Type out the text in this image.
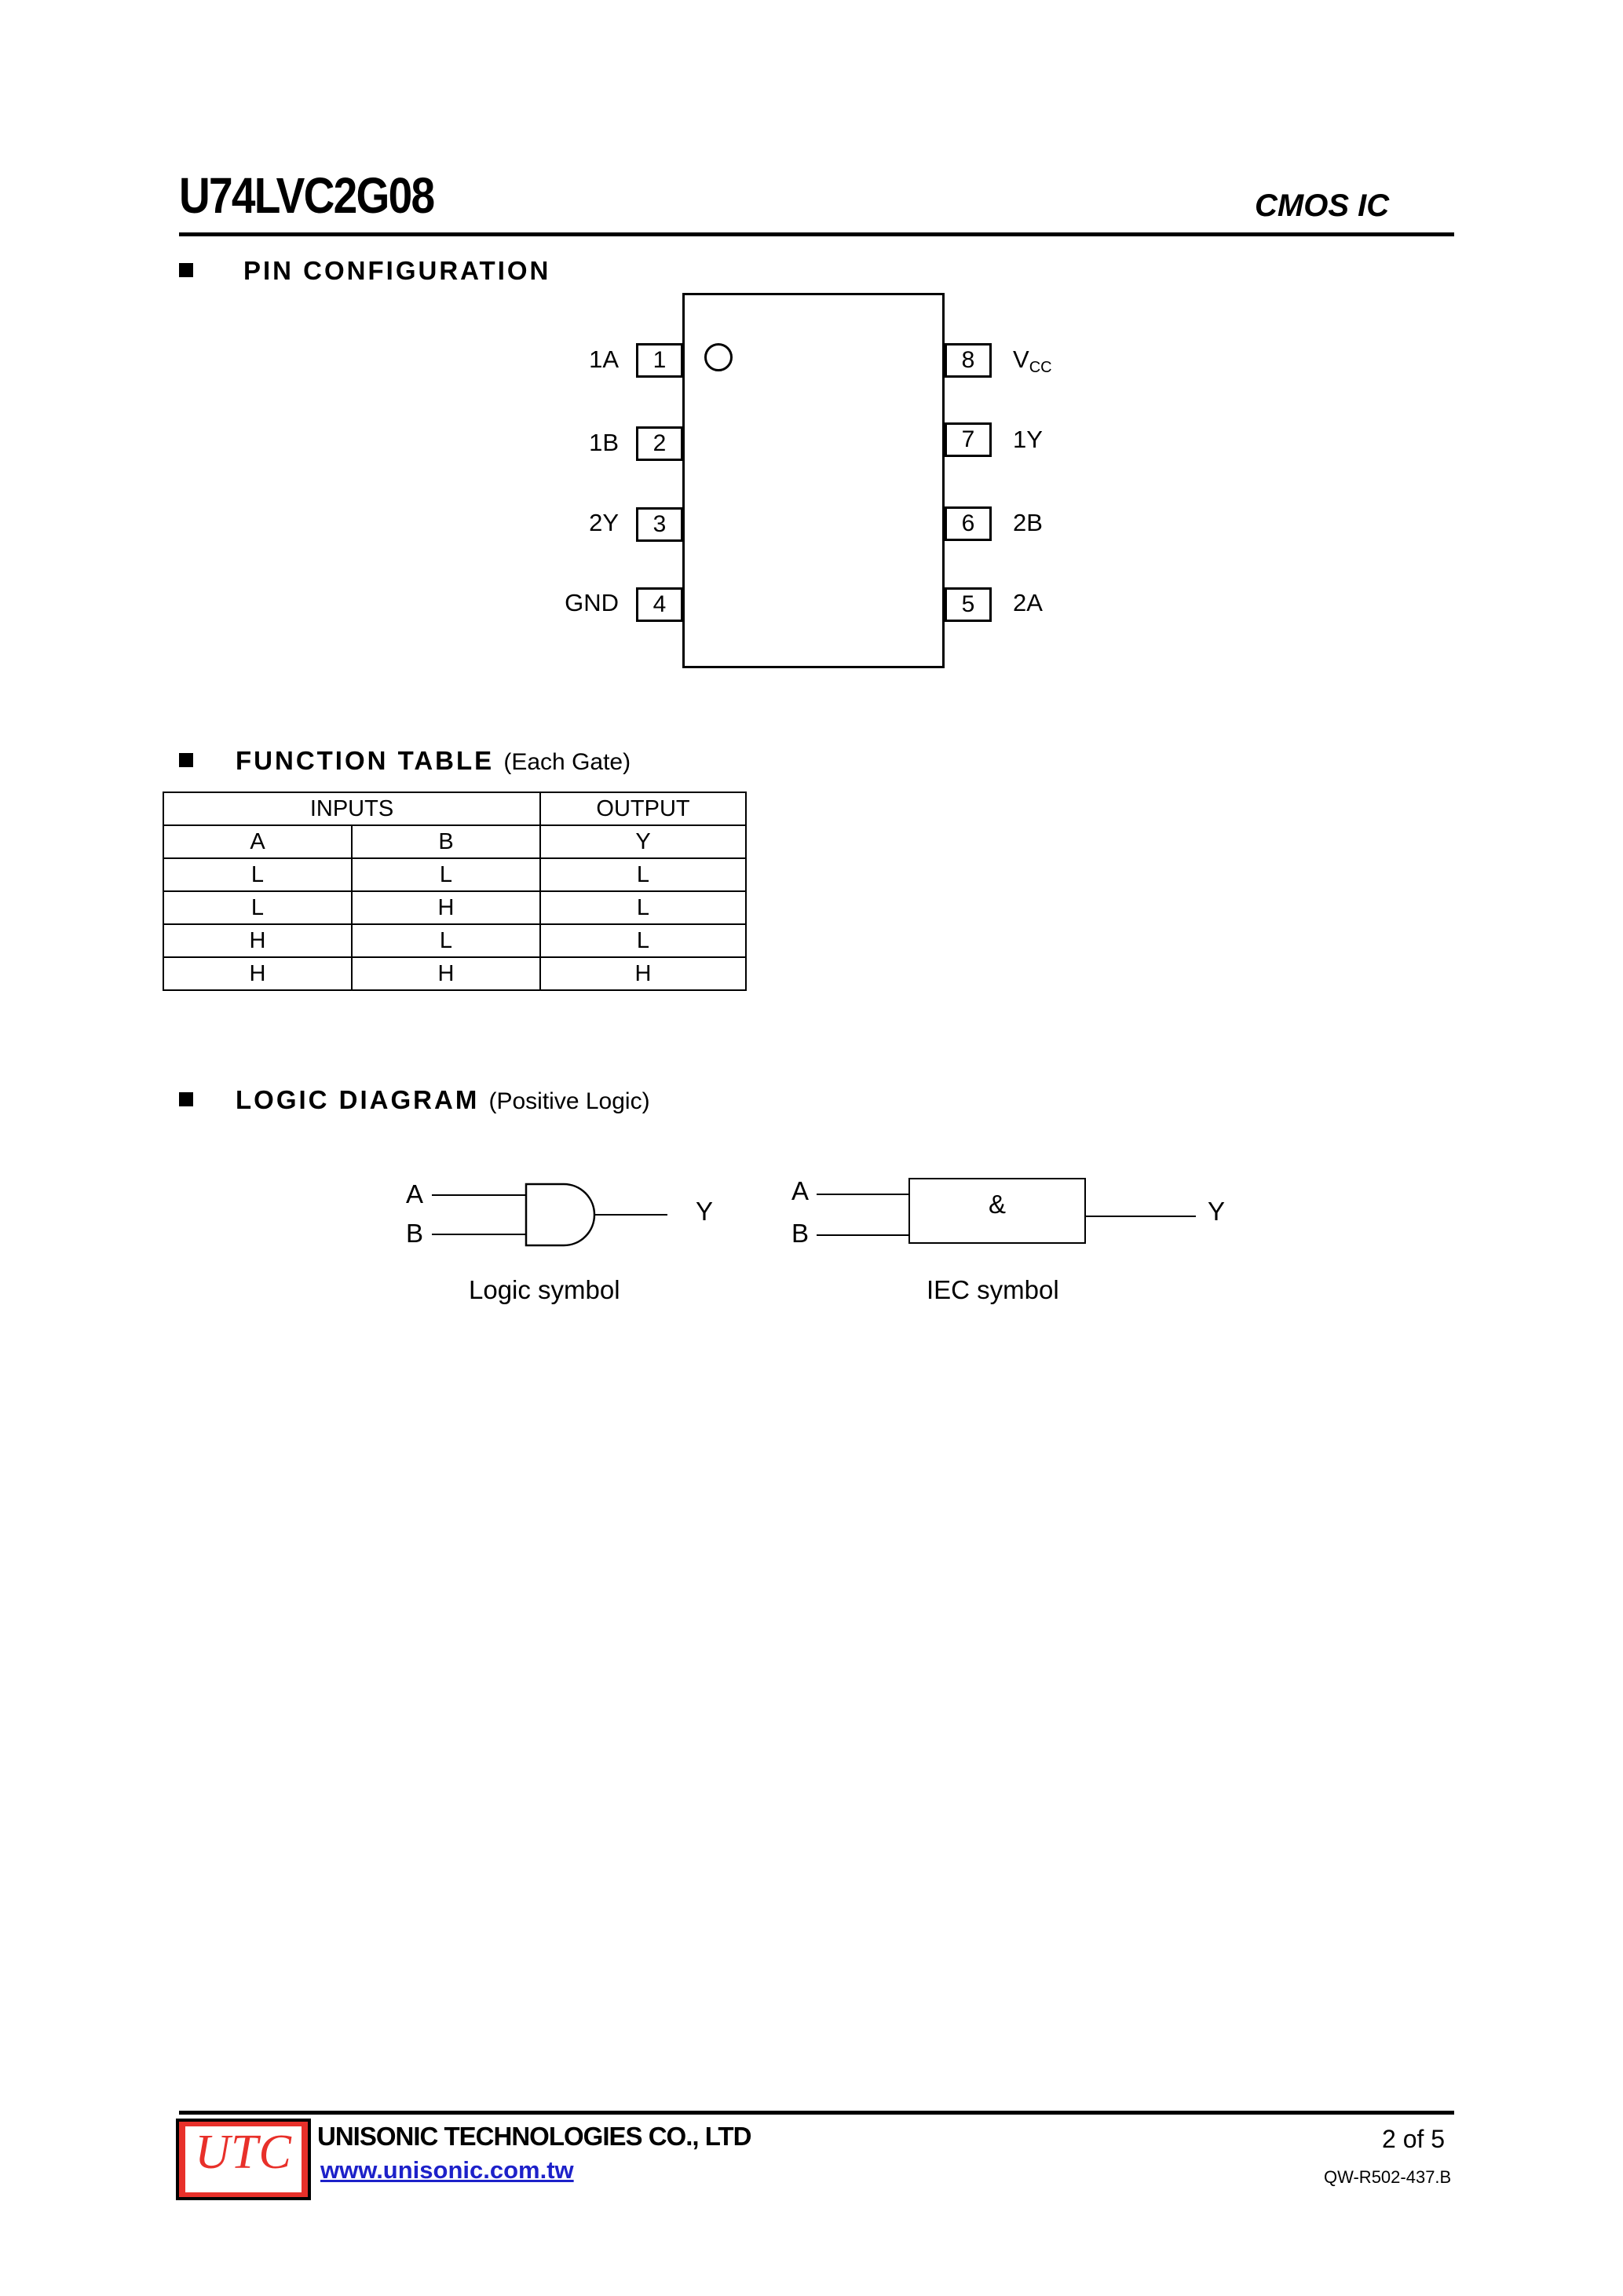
U74LVC2G08	CMOS IC
PIN CONFIGURATION
1
2
3
4
1A
1B
2Y
GND
8
7
6
5
$V_{CC}$
1Y
2B
2A
FUNCTION TABLE (Each Gate)
INPUTS		OUTPUT
A	B	Y
L	L	L
L	H	L
H	L	L
H	H	H
LOGIC DIAGRAM (Positive Logic)
A
B
Y
Logic symbol
A
B
&	Y
IEC symbol
UTC UNISONIC TECHNOLOGIES CO., LTD
www.unisonic.com.tw
2 of 5
QW-R502-437.B
